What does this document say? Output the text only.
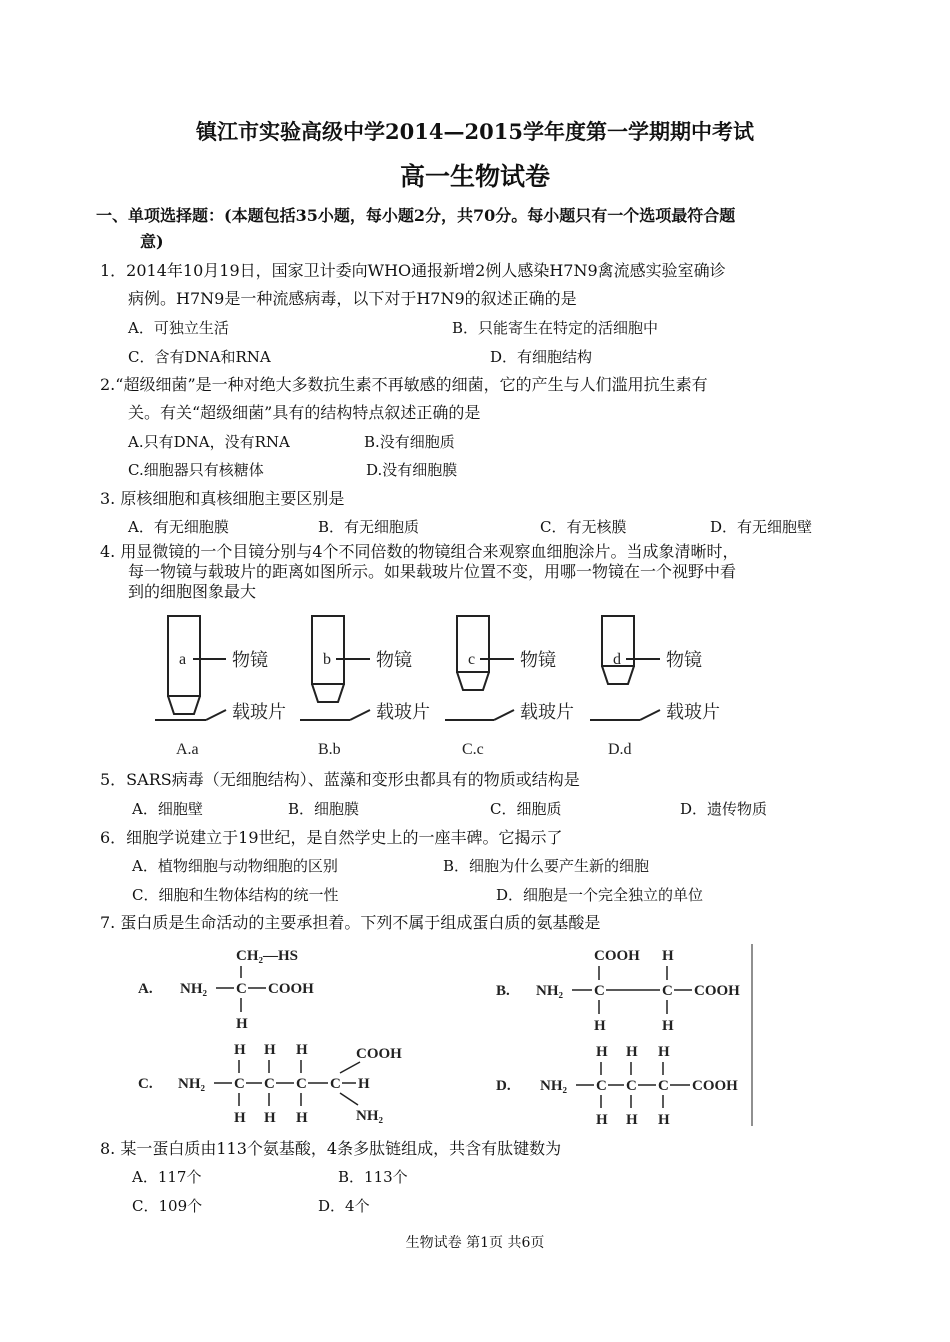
镇江市实验高级中学2014—2015学年度第一学期期中考试
高一生物试卷
一、单项选择题：(本题包括35小题，每小题2分，共70分。每小题只有一个选项最符合题
意)
1．2014年10月19日，国家卫计委向WHO通报新增2例人感染H7N9禽流感实验室确诊
病例。H7N9是一种流感病毒，以下对于H7N9的叙述正确的是
A．可独立生活	B．只能寄生在特定的活细胞中
C．含有DNA和RNA	D．有细胞结构
2.“超级细菌”是一种对绝大多数抗生素不再敏感的细菌，它的产生与人们滥用抗生素有
关。有关“超级细菌”具有的结构特点叙述正确的是
A.只有DNA，没有RNA	B.没有细胞质
C.细胞器只有核糖体	D.没有细胞膜
3. 原核细胞和真核细胞主要区别是
A．有无细胞膜	B．有无细胞质	C．有无核膜	D．有无细胞壁
4. 用显微镜的一个目镜分别与4个不同倍数的物镜组合来观察血细胞涂片。当成象清晰时，
每一物镜与载玻片的距离如图所示。如果载玻片位置不变，用哪一物镜在一个视野中看
到的细胞图象最大
a	物镜
载玻片
A.a
b	物镜
载玻片
B.b
c 物镜
载玻片
C.c
d	物镜
载玻片
D.d
5．SARS病毒（无细胞结构）、蓝藻和变形虫都具有的物质或结构是
A．细胞壁	B．细胞膜	C．细胞质	D．遗传物质
6．细胞学说建立于19世纪，是自然学史上的一座丰碑。它揭示了
A．植物细胞与动物细胞的区别	B．细胞为什么要产生新的细胞
C．细胞和生物体结构的统一性	D．细胞是一个完全独立的单位
7. 蛋白质是生命活动的主要承担着。下列不属于组成蛋白质的氨基酸是
A. NH₂ C COOH
CH₂—HS
H
B. NH₂ C	C COOH
COOH H
H	H
C. NH₂ C C C C H
H H H
H H H
COOH
NH₂
D. NH₂ C C C COOH
H H H
H H H
8. 某一蛋白质由113个氨基酸，4条多肽链组成，共含有肽键数为
A．117个	B．113个
C．109个	D．4个
生物试卷 第1页 共6页
